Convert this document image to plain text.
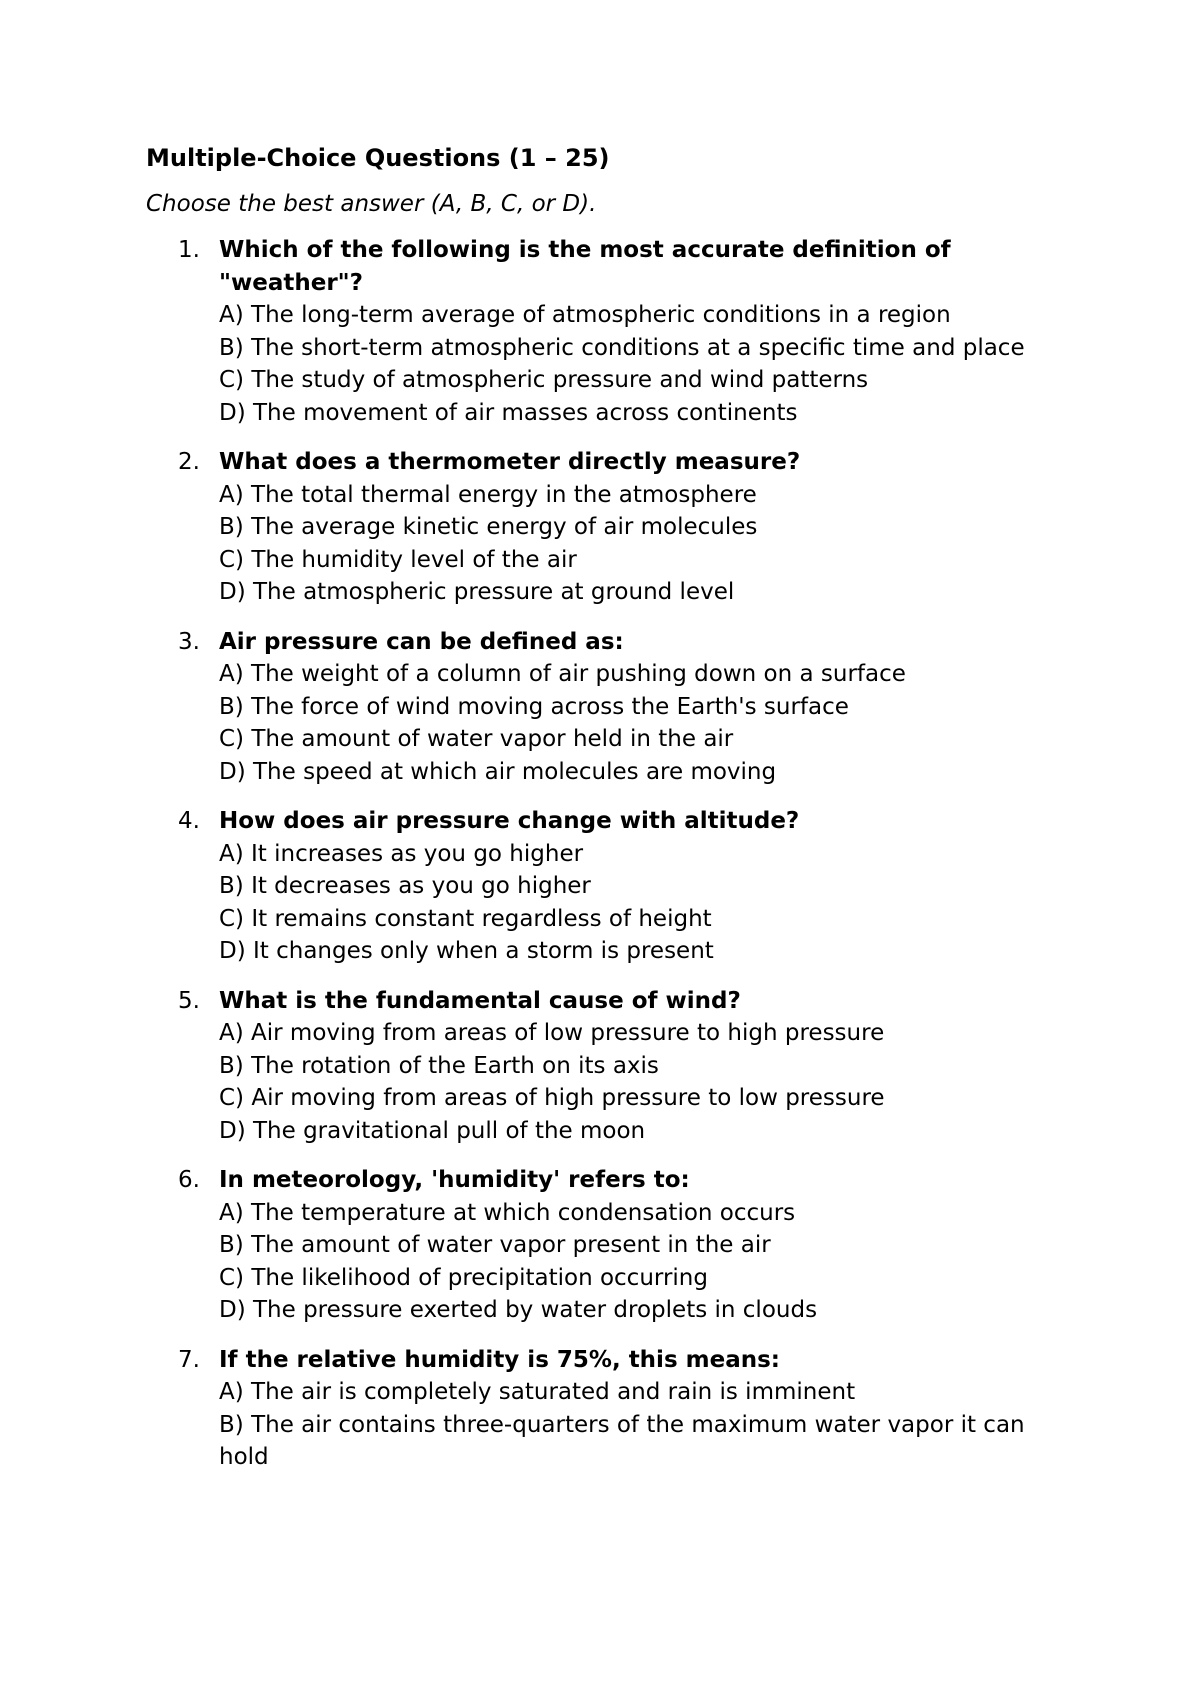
Multiple-Choice Questions (1 – 25)
Choose the best answer (A, B, C, or D).
1. Which of the following is the most accurate definition of "weather"?
A) The long-term average of atmospheric conditions in a region
B) The short-term atmospheric conditions at a specific time and place
C) The study of atmospheric pressure and wind patterns
D) The movement of air masses across continents
2. What does a thermometer directly measure?
A) The total thermal energy in the atmosphere
B) The average kinetic energy of air molecules
C) The humidity level of the air
D) The atmospheric pressure at ground level
3. Air pressure can be defined as:
A) The weight of a column of air pushing down on a surface
B) The force of wind moving across the Earth's surface
C) The amount of water vapor held in the air
D) The speed at which air molecules are moving
4. How does air pressure change with altitude?
A) It increases as you go higher
B) It decreases as you go higher
C) It remains constant regardless of height
D) It changes only when a storm is present
5. What is the fundamental cause of wind?
A) Air moving from areas of low pressure to high pressure
B) The rotation of the Earth on its axis
C) Air moving from areas of high pressure to low pressure
D) The gravitational pull of the moon
6. In meteorology, 'humidity' refers to:
A) The temperature at which condensation occurs
B) The amount of water vapor present in the air
C) The likelihood of precipitation occurring
D) The pressure exerted by water droplets in clouds
7. If the relative humidity is 75%, this means:
A) The air is completely saturated and rain is imminent
B) The air contains three-quarters of the maximum water vapor it can hold
